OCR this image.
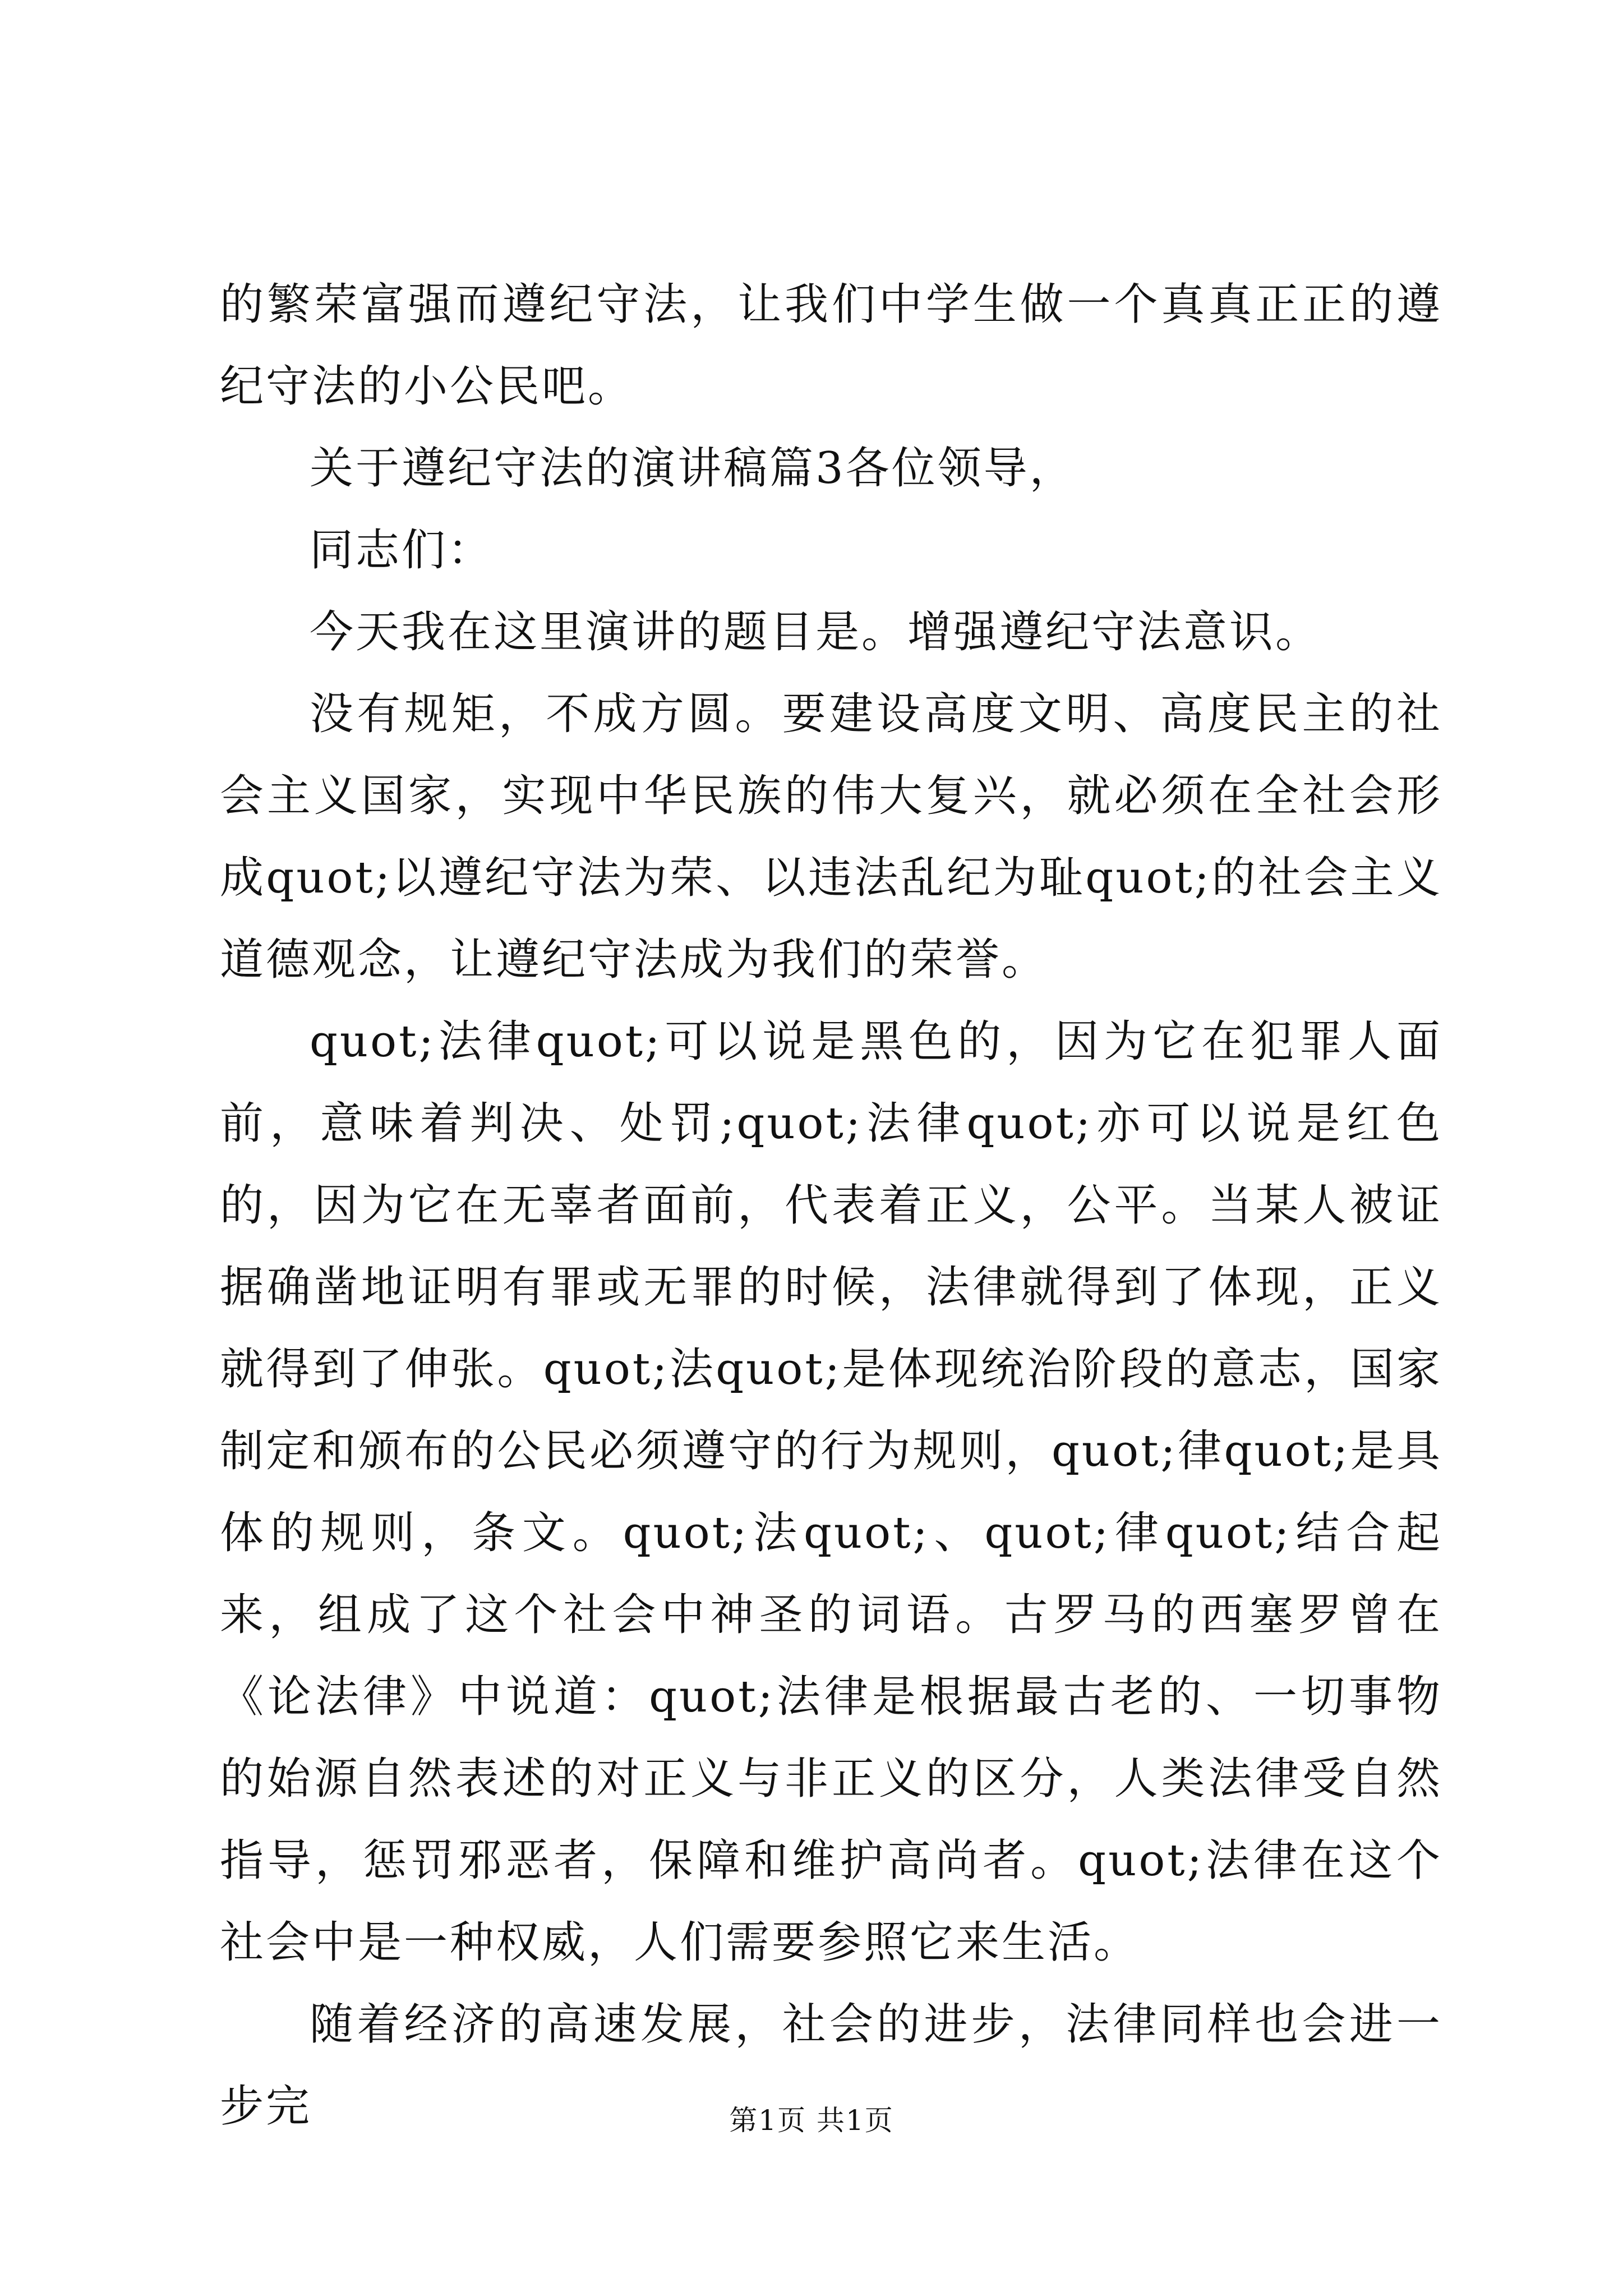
的繁荣富强而遵纪守法，让我们中学生做一个真真正正的遵纪守法的小公民吧。

关于遵纪守法的演讲稿篇3各位领导，

同志们：

今天我在这里演讲的题目是。增强遵纪守法意识。

没有规矩，不成方圆。要建设高度文明、高度民主的社会主义国家，实现中华民族的伟大复兴，就必须在全社会形成quot;以遵纪守法为荣、以违法乱纪为耻quot;的社会主义道德观念，让遵纪守法成为我们的荣誉。

quot;法律quot;可以说是黑色的，因为它在犯罪人面前，意味着判决、处罚;quot;法律quot;亦可以说是红色的，因为它在无辜者面前，代表着正义，公平。当某人被证据确凿地证明有罪或无罪的时候，法律就得到了体现，正义就得到了伸张。quot;法quot;是体现统治阶段的意志，国家制定和颁布的公民必须遵守的行为规则，quot;律quot;是具体的规则，条文。quot;法quot;、quot;律quot;结合起来，组成了这个社会中神圣的词语。古罗马的西塞罗曾在《论法律》中说道：quot;法律是根据最古老的、一切事物的始源自然表述的对正义与非正义的区分，人类法律受自然指导，惩罚邪恶者，保障和维护高尚者。quot;法律在这个社会中是一种权威，人们需要参照它来生活。

随着经济的高速发展，社会的进步，法律同样也会进一步完	第1页 共1页
